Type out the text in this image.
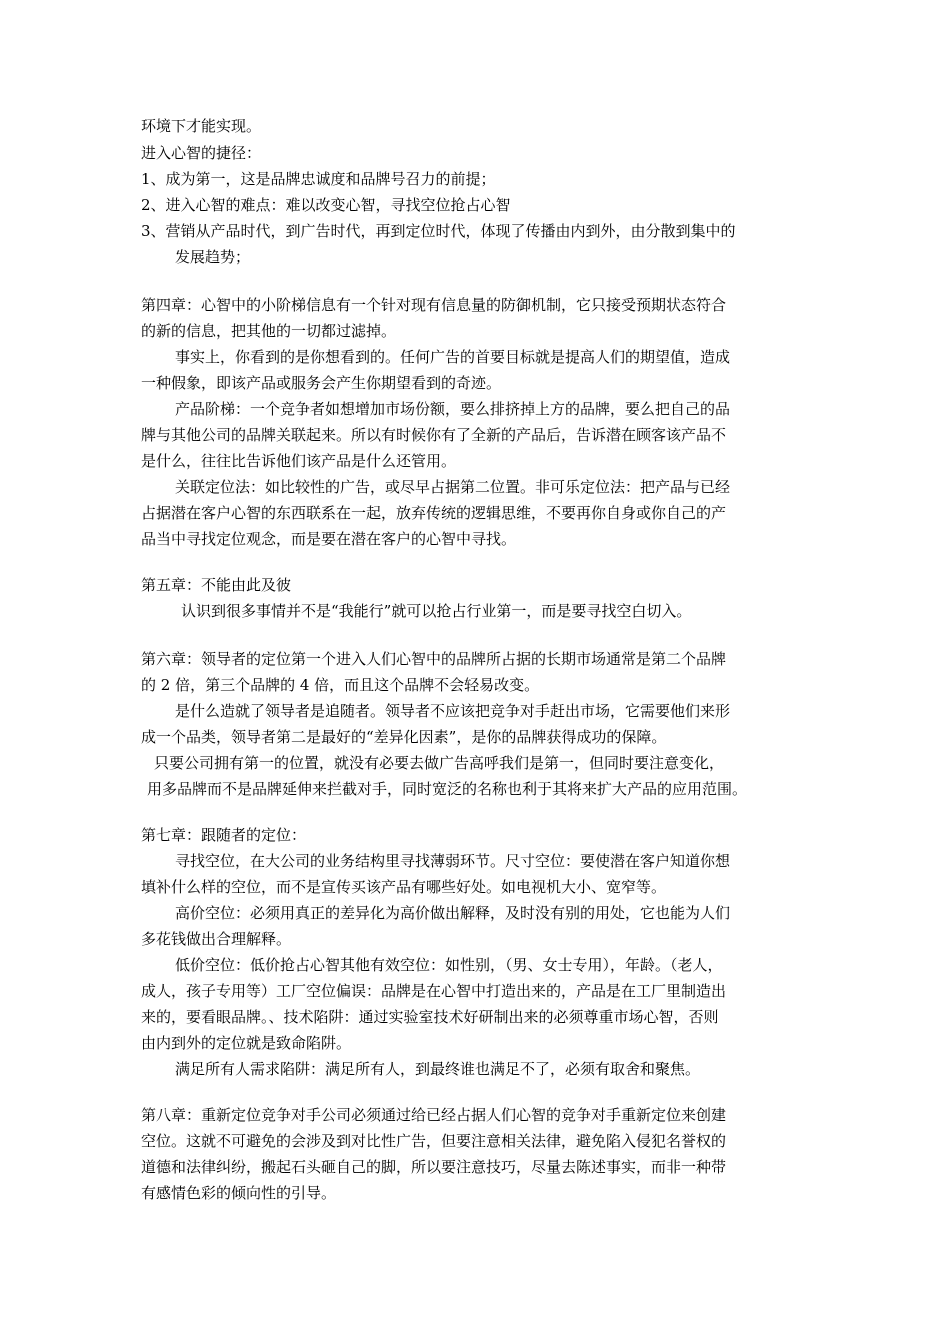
环境下才能实现。
进入心智的捷径：
1、成为第一，这是品牌忠诚度和品牌号召力的前提；
2、进入心智的难点：难以改变心智，寻找空位抢占心智
3、营销从产品时代，到广告时代，再到定位时代，体现了传播由内到外，由分散到集中的
发展趋势；
第四章：心智中的小阶梯信息有一个针对现有信息量的防御机制，它只接受预期状态符合
的新的信息，把其他的一切都过滤掉。
事实上，你看到的是你想看到的。任何广告的首要目标就是提高人们的期望值，造成
一种假象，即该产品或服务会产生你期望看到的奇迹。
产品阶梯：一个竞争者如想增加市场份额，要么排挤掉上方的品牌，要么把自己的品
牌与其他公司的品牌关联起来。所以有时候你有了全新的产品后，告诉潜在顾客该产品不
是什么，往往比告诉他们该产品是什么还管用。
关联定位法：如比较性的广告，或尽早占据第二位置。非可乐定位法：把产品与已经
占据潜在客户心智的东西联系在一起，放弃传统的逻辑思维，不要再你自身或你自己的产
品当中寻找定位观念，而是要在潜在客户的心智中寻找。
第五章：不能由此及彼
认识到很多事情并不是“我能行”就可以抢占行业第一，而是要寻找空白切入。
第六章：领导者的定位第一个进入人们心智中的品牌所占据的长期市场通常是第二个品牌
的 2 倍，第三个品牌的 4 倍，而且这个品牌不会轻易改变。
是什么造就了领导者是追随者。领导者不应该把竞争对手赶出市场，它需要他们来形
成一个品类，领导者第二是最好的“差异化因素”，是你的品牌获得成功的保障。
只要公司拥有第一的位置，就没有必要去做广告高呼我们是第一，但同时要注意变化，
用多品牌而不是品牌延伸来拦截对手，同时宽泛的名称也利于其将来扩大产品的应用范围。
第七章：跟随者的定位：
寻找空位，在大公司的业务结构里寻找薄弱环节。尺寸空位：要使潜在客户知道你想
填补什么样的空位，而不是宣传买该产品有哪些好处。如电视机大小、宽窄等。
高价空位：必须用真正的差异化为高价做出解释，及时没有别的用处，它也能为人们
多花钱做出合理解释。
低价空位：低价抢占心智其他有效空位：如性别，（男、女士专用），年龄。（老人，
成人，孩子专用等）工厂空位偏误：品牌是在心智中打造出来的，产品是在工厂里制造出
来的，要看眼品牌。、技术陷阱：通过实验室技术好研制出来的必须尊重市场心智，否则
由内到外的定位就是致命陷阱。
满足所有人需求陷阱：满足所有人，到最终谁也满足不了，必须有取舍和聚焦。
第八章：重新定位竞争对手公司必须通过给已经占据人们心智的竞争对手重新定位来创建
空位。这就不可避免的会涉及到对比性广告，但要注意相关法律，避免陷入侵犯名誉权的
道德和法律纠纷，搬起石头砸自己的脚，所以要注意技巧，尽量去陈述事实，而非一种带
有感情色彩的倾向性的引导。
